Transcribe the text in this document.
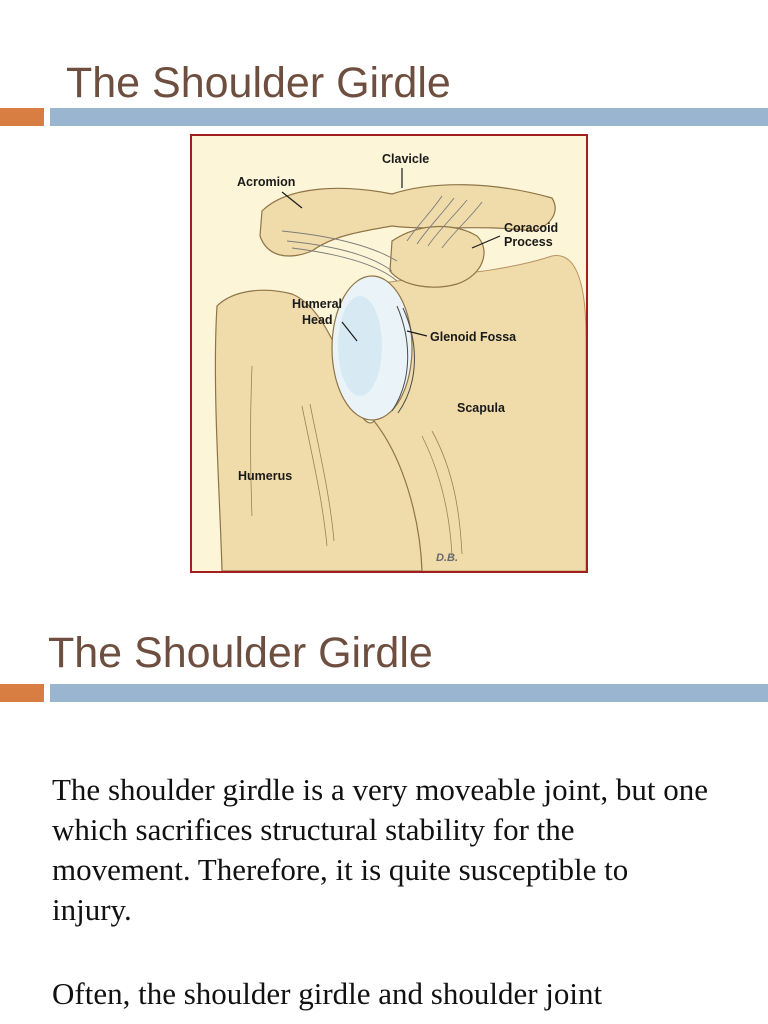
The Shoulder Girdle
Clavicle
Acromion
Coracoid
Process
Humeral
Head
Glenoid Fossa
Scapula
Humerus
D.B.
The Shoulder Girdle

The shoulder girdle is a very moveable joint, but one which sacrifices structural stability for the movement. Therefore, it is quite susceptible to injury.

Often, the shoulder girdle and shoulder joint
